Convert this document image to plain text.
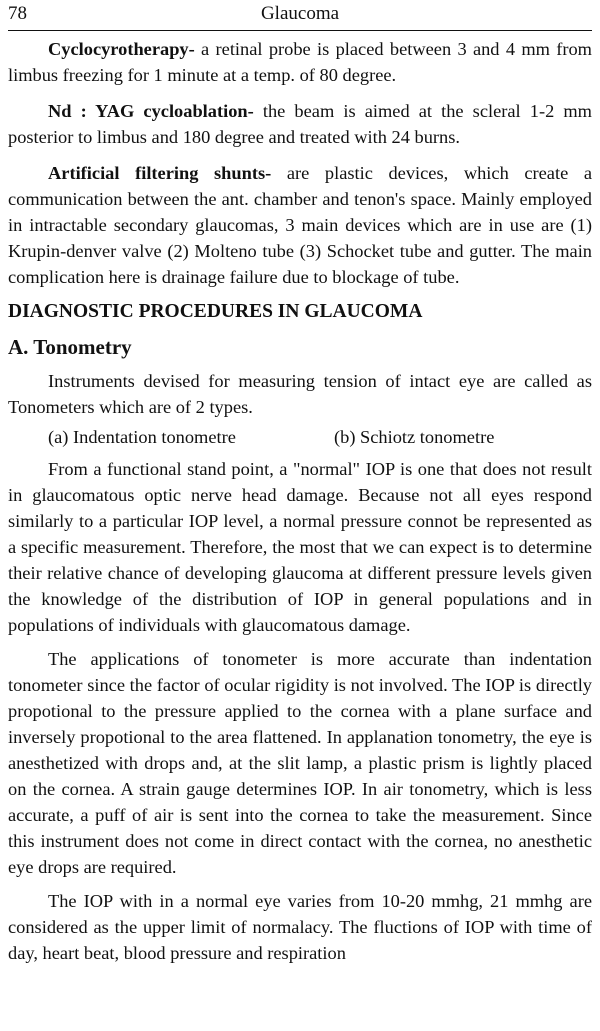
78	Glaucoma

Cyclocyrotherapy- a retinal probe is placed between 3 and 4 mm from limbus freezing for 1 minute at a temp. of 80 degree.

Nd : YAG cycloablation- the beam is aimed at the scleral 1-2 mm posterior to limbus and 180 degree and treated with 24 burns.

Artificial filtering shunts- are plastic devices, which create a communication between the ant. chamber and tenon's space. Mainly employed in intractable secondary glaucomas, 3 main devices which are in use are (1) Krupin-denver valve (2) Molteno tube (3) Schocket tube and gutter. The main complication here is drainage failure due to blockage of tube.

DIAGNOSTIC PROCEDURES IN GLAUCOMA
A. Tonometry

Instruments devised for measuring tension of intact eye are called as Tonometers which are of 2 types.

(a) Indentation tonometre	(b) Schiotz tonometre

From a functional stand point, a "normal" IOP is one that does not result in glaucomatous optic nerve head damage. Because not all eyes respond similarly to a particular IOP level, a normal pressure connot be represented as a specific measurement. Therefore, the most that we can expect is to determine their relative chance of developing glaucoma at different pressure levels given the knowledge of the distribution of IOP in general populations and in populations of individuals with glaucomatous damage.

The applications of tonometer is more accurate than indentation tonometer since the factor of ocular rigidity is not involved. The IOP is directly propotional to the pressure applied to the cornea with a plane surface and inversely propotional to the area flattened. In applanation tonometry, the eye is anesthetized with drops and, at the slit lamp, a plastic prism is lightly placed on the cornea. A strain gauge determines IOP. In air tonometry, which is less accurate, a puff of air is sent into the cornea to take the measurement. Since this instrument does not come in direct contact with the cornea, no anesthetic eye drops are required.

The IOP with in a normal eye varies from 10-20 mmhg, 21 mmhg are considered as the upper limit of normalacy. The fluctions of IOP with time of day, heart beat, blood pressure and respiration
